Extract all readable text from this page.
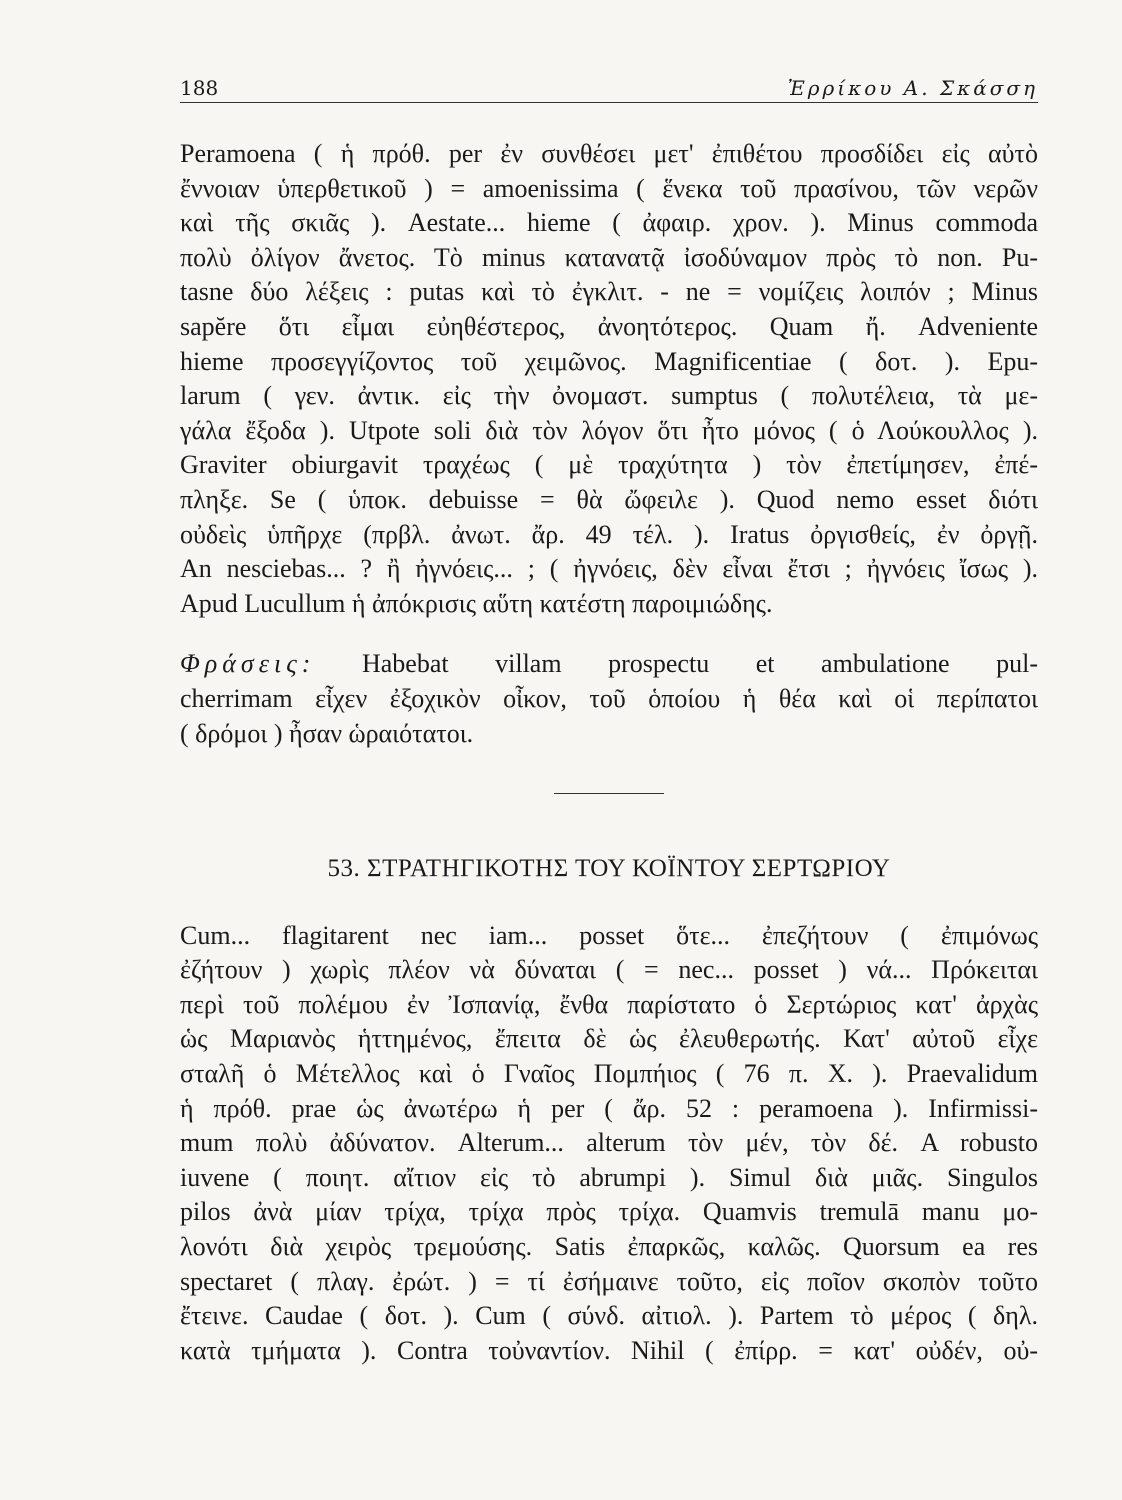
188	Ἐρρίκου Α. Σκάσση
Peramoena ( ἡ πρόθ. per ἐν συνθέσει μετ' ἐπιθέτου προσδίδει εἰς αὐτὸ
ἔννοιαν ὑπερθετικοῦ ) = amoenissima ( ἕνεκα τοῦ πρασίνου, τῶν νερῶν
καὶ τῆς σκιᾶς ). Aestate... hieme ( ἀφαιρ. χρον. ). Minus commoda
πολὺ ὀλίγον ἄνετος. Τὸ minus κατανατᾷ ἰσοδύναμον πρὸς τὸ non. Pu-
tasne δύο λέξεις : putas καὶ τὸ ἐγκλιτ. - ne = νομίζεις λοιπόν ; Minus
sapĕre ὅτι εἶμαι εὐηθέστερος, ἀνοητότερος. Quam ἤ. Adveniente
hieme προσεγγίζοντος τοῦ χειμῶνος. Magnificentiae ( δοτ. ). Epu-
larum ( γεν. ἀντικ. εἰς τὴν ὀνομαστ. sumptus ( πολυτέλεια, τὰ με-
γάλα ἔξοδα ). Utpote soli διὰ τὸν λόγον ὅτι ἦτο μόνος ( ὁ Λούκουλλος ).
Graviter obiurgavit τραχέως ( μὲ τραχύτητα ) τὸν ἐπετίμησεν, ἐπέ-
πληξε. Se ( ὑποκ. debuisse = θὰ ὤφειλε ). Quod nemo esset διότι
οὐδεὶς ὑπῆρχε (πρβλ. ἀνωτ. ἄρ. 49 τέλ. ). Iratus ὀργισθείς, ἐν ὀργῇ.
An nesciebas... ? ἢ ἠγνόεις... ; ( ἠγνόεις, δὲν εἶναι ἔτσι ; ἠγνόεις ἴσως ).
Apud Lucullum ἡ ἀπόκρισις αὕτη κατέστη παροιμιώδης.
Φράσεις: Habebat villam prospectu et ambulatione pul-
cherrimam εἶχεν ἐξοχικὸν οἶκον, τοῦ ὁποίου ἡ θέα καὶ οἱ περίπατοι
( δρόμοι ) ἦσαν ὡραιότατοι.
53. ΣΤΡΑΤΗΓΙΚΟΤΗΣ ΤΟΥ ΚΟΪΝΤΟΥ ΣΕΡΤΩΡΙΟΥ
Cum... flagitarent nec iam... posset ὅτε... ἐπεζήτουν ( ἐπιμόνως
ἐζήτουν ) χωρὶς πλέον νὰ δύναται ( = nec... posset ) νά... Πρόκειται
περὶ τοῦ πολέμου ἐν Ἰσπανίᾳ, ἔνθα παρίστατο ὁ Σερτώριος κατ' ἀρχὰς
ὡς Μαριανὸς ἡττημένος, ἔπειτα δὲ ὡς ἐλευθερωτής. Κατ' αὐτοῦ εἶχε
σταλῆ ὁ Μέτελλος καὶ ὁ Γναῖος Πομπήιος ( 76 π. Χ. ). Praevalidum
ἡ πρόθ. prae ὡς ἀνωτέρω ἡ per ( ἄρ. 52 : peramoena ). Infirmissi-
mum πολὺ ἀδύνατον. Alterum... alterum τὸν μέν, τὸν δέ. A robusto
iuvene ( ποιητ. αἴτιον εἰς τὸ abrumpi ). Simul διὰ μιᾶς. Singulos
pilos ἀνὰ μίαν τρίχα, τρίχα πρὸς τρίχα. Quamvis tremulā manu μο-
λονότι διὰ χειρὸς τρεμούσης. Satis ἐπαρκῶς, καλῶς. Quorsum ea res
spectaret ( πλαγ. ἐρώτ. ) = τί ἐσήμαινε τοῦτο, εἰς ποῖον σκοπὸν τοῦτο
ἔτεινε. Caudae ( δοτ. ). Cum ( σύνδ. αἰτιολ. ). Partem τὸ μέρος ( δηλ.
κατὰ τμήματα ). Contra τοὐναντίον. Nihil ( ἐπίρρ. = κατ' οὐδέν, οὐ-
